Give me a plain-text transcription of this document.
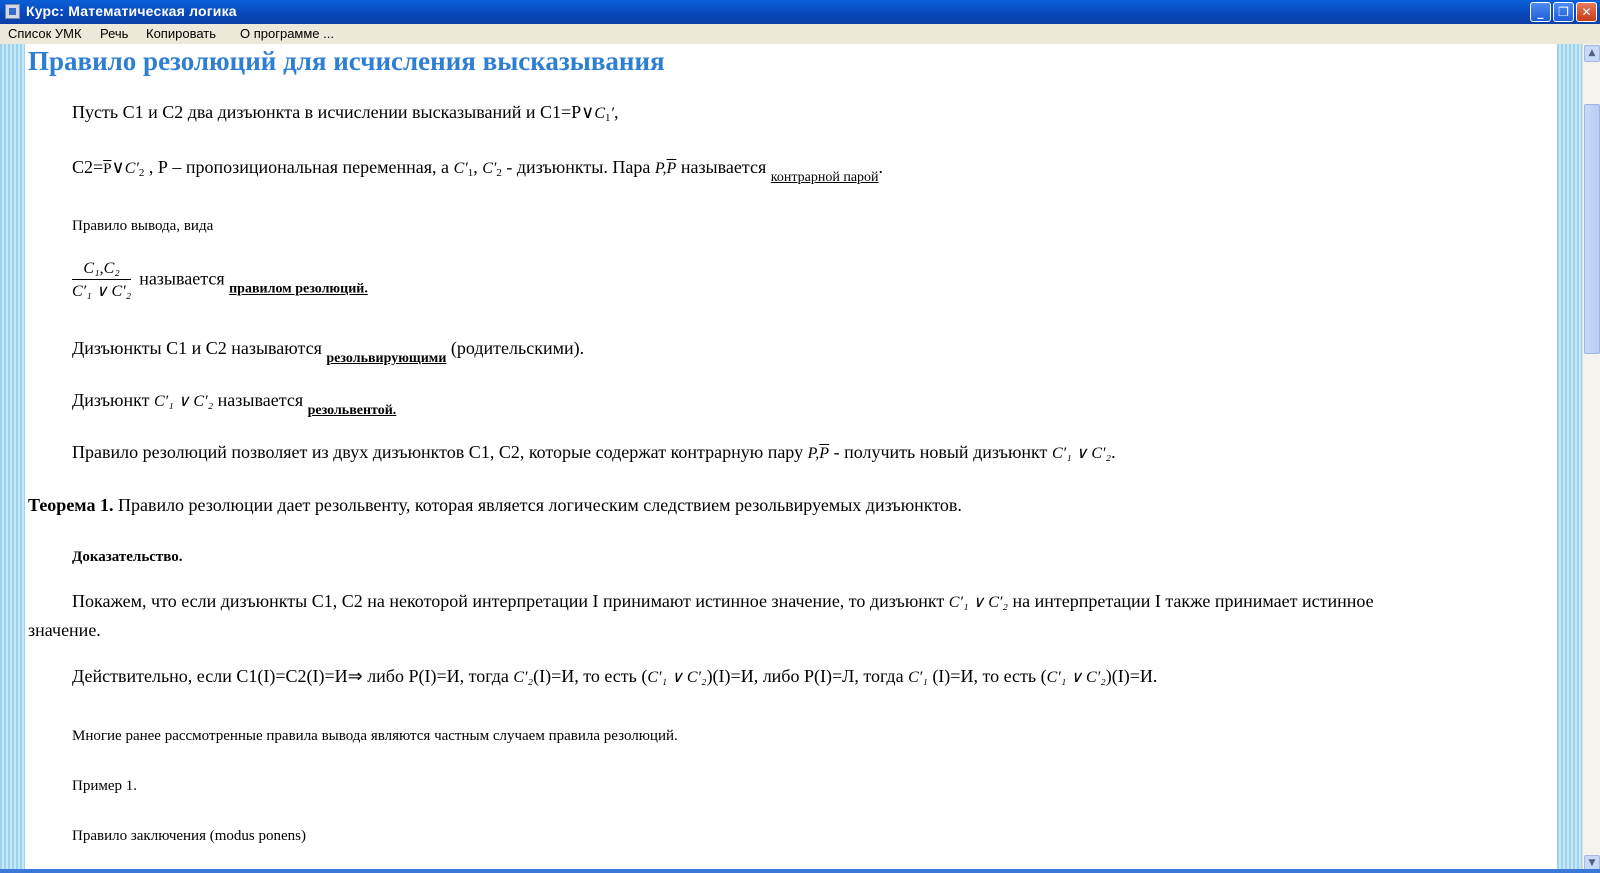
Курс: Математическая логика	_	❐	✕
Список УМК Речь Копировать О программе ...
Правило резолюций для исчисления высказывания
Пусть С1 и С2 два дизъюнкта в исчислении высказываний и $С1=Р\vee C_1'$,
$С2=Р\vee C'_2$ , Р – пропозициональная переменная, а $C'_1$, $C'_2$ - дизъюнкты. Пара $P,\overline{P}$ называется $_{контрарной парой}$.
Правило вывода, вида
$\frac{\text{C₁,C₂}}{\text{C′₁ ∨ C′₂}}$ называется $_{правилом резолюций.}$
Дизъюнкты С1 и С2 называются $_{резольвирующими}$ (родительскими).
Дизъюнкт C′₁ ∨ C′₂ называется $_{резольвентой.}$
Правило резолюций позволяет из двух дизъюнктов С1, С2, которые содержат контрарную пару $P,\overline{P}$ - получить новый дизъюнкт C′₁ ∨ C′₂.
Теорема 1. Правило резолюции дает резольвенту, которая является логическим следствием резольвируемых дизъюнктов.
Доказательство.
Покажем, что если дизъюнкты С1, С2 на некоторой интерпретации I принимают истинное значение, то дизъюнкт C′₁ ∨ C′₂ на интерпретации I также принимает истинное
значение.
Действительно, если С1(I)=С2(I)=И⇒ либо Р(I)=И, тогда C′₂(I)=И, то есть (C′₁ ∨ C′₂)(I)=И, либо Р(I)=Л, тогда C′₁ (I)=И, то есть (C′₁ ∨ C′₂)(I)=И.
Многие ранее рассмотренные правила вывода являются частным случаем правила резолюций.
Пример 1.
Правило заключения (modus ponens)
▲
▼
